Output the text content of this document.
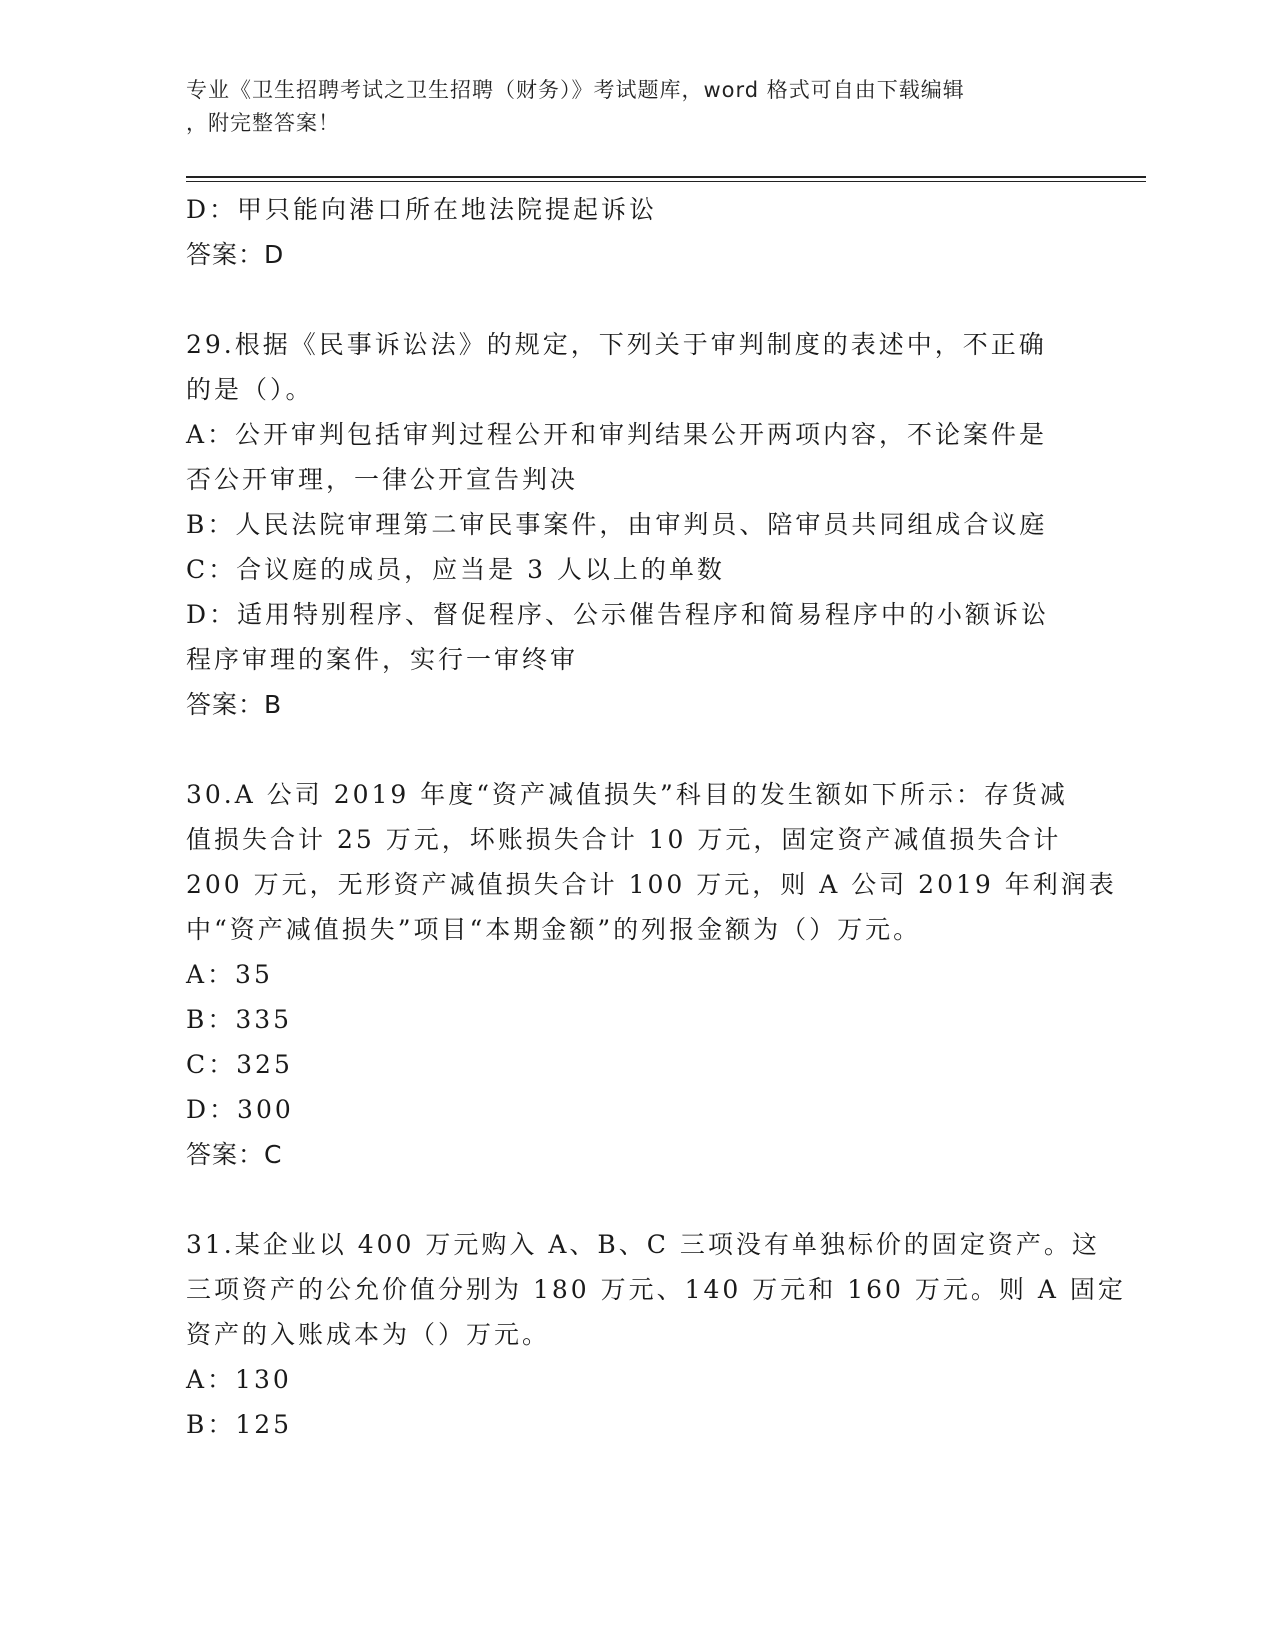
专业《卫生招聘考试之卫生招聘（财务）》考试题库，word 格式可自由下载编辑
，附完整答案！
D：甲只能向港口所在地法院提起诉讼
答案：D
29.根据《民事诉讼法》的规定，下列关于审判制度的表述中，不正确
的是（）。
A：公开审判包括审判过程公开和审判结果公开两项内容，不论案件是
否公开审理，一律公开宣告判决
B：人民法院审理第二审民事案件，由审判员、陪审员共同组成合议庭
C：合议庭的成员，应当是 3 人以上的单数
D：适用特别程序、督促程序、公示催告程序和简易程序中的小额诉讼
程序审理的案件，实行一审终审
答案：B
30.A 公司 2019 年度“资产减值损失”科目的发生额如下所示：存货减
值损失合计 25 万元，坏账损失合计 10 万元，固定资产减值损失合计
200 万元，无形资产减值损失合计 100 万元，则 A 公司 2019 年利润表
中“资产减值损失”项目“本期金额”的列报金额为（）万元。
A：35
B：335
C：325
D：300
答案：C
31.某企业以 400 万元购入 A、B、C 三项没有单独标价的固定资产。这
三项资产的公允价值分别为 180 万元、140 万元和 160 万元。则 A 固定
资产的入账成本为（）万元。
A：130
B：125
